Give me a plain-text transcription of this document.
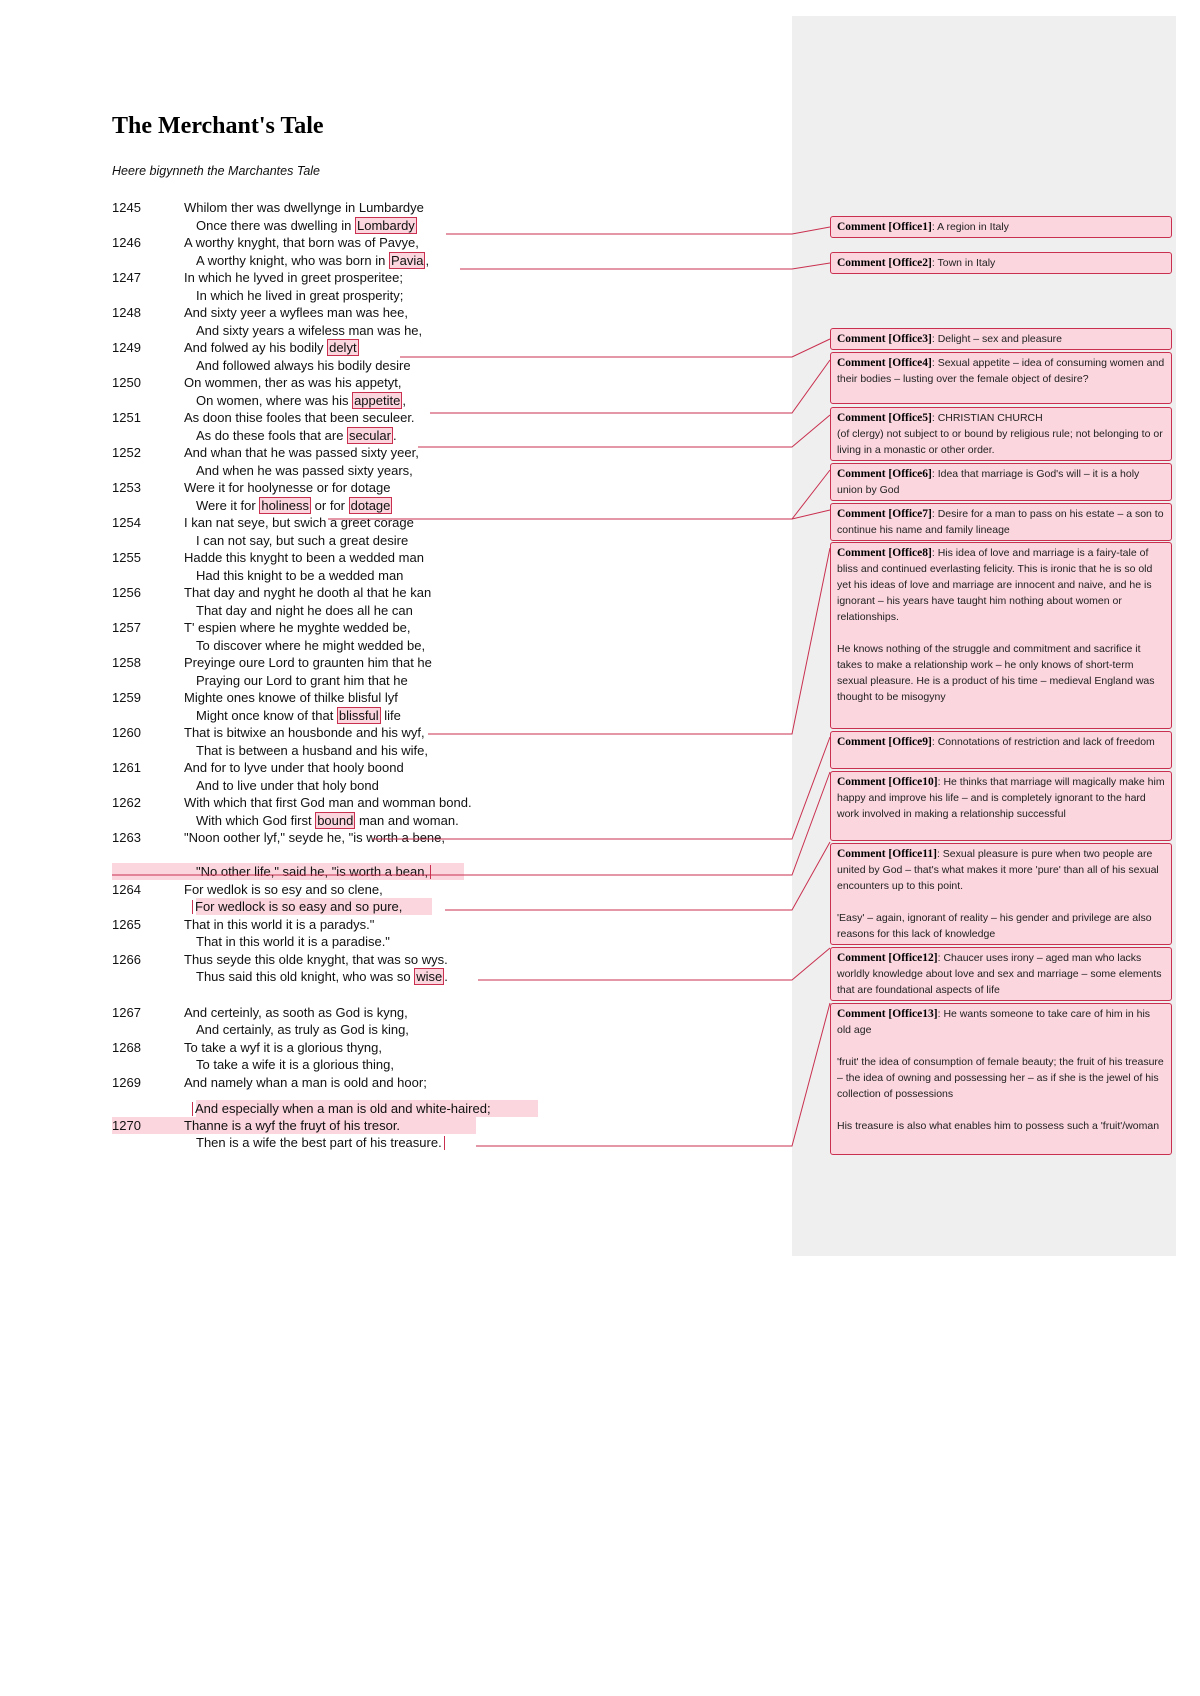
The Merchant's Tale
Heere bigynneth the Marchantes Tale
1245	Whilom ther was dwellynge in Lumbardye
Once there was dwelling in Lombardy
1246	A worthy knyght, that born was of Pavye,
A worthy knight, who was born in Pavia ,
1247	In which he lyved in greet prosperitee;
In which he lived in great prosperity;
1248	And sixty yeer a wyflees man was hee,
And sixty years a wifeless man was he,
1249	And folwed ay his bodily delyt
And followed always his bodily desire
1250	On wommen, ther as was his appetyt,
On women, where was his appetite ,
1251	As doon thise fooles that been seculeer.
As do these fools that are secular .
1252	And whan that he was passed sixty yeer,
And when he was passed sixty years,
1253	Were it for hoolynesse or for dotage
Were it for holiness or for dotage
1254	I kan nat seye, but swich a greet corage
I can not say, but such a great desire
1255	Hadde this knyght to been a wedded man
Had this knight to be a wedded man
1256	That day and nyght he dooth al that he kan
That day and night he does all he can
1257	T' espien where he myghte wedded be,
To discover where he might wedded be,
1258	Preyinge oure Lord to graunten him that he
Praying our Lord to grant him that he
1259	Mighte ones knowe of thilke blisful lyf
Might once know of that blissful life
1260	That is bitwixe an housbonde and his wyf,
That is between a husband and his wife,
1261	And for to lyve under that hooly boond
And to live under that holy bond
1262	With which that first God man and womman bond.
With which God first bound man and woman.
1263	"Noon oother lyf," seyde he, "is worth a bene,
"No other life," said he, "is worth a bean,
1264	For wedlok is so esy and so clene,
For wedlock is so easy and so pure,
1265	That in this world it is a paradys."
That in this world it is a paradise."
1266	Thus seyde this olde knyght, that was so wys.
Thus said this old knight, who was so wise .
1267	And certeinly, as sooth as God is kyng,
And certainly, as truly as God is king,
1268	To take a wyf it is a glorious thyng,
To take a wife it is a glorious thing,
1269	And namely whan a man is oold and hoor;
And especially when a man is old and white-haired;
1270	Thanne is a wyf the fruyt of his tresor.
Then is a wife the best part of his treasure.

Comment [Office1]: A region in Italy

Comment [Office2]: Town in Italy

Comment [Office3]: Delight – sex and pleasure

Comment [Office4]: Sexual appetite – idea of consuming women and their bodies – lusting over the female object of desire?

Comment [Office5]: CHRISTIAN CHURCH

(of clergy) not subject to or bound by religious rule; not belonging to or living in a monastic or other order.

Comment [Office6]: Idea that marriage is God's will – it is a holy union by God

Comment [Office7]: Desire for a man to pass on his estate – a son to continue his name and family lineage

Comment [Office8]: His idea of love and marriage is a fairy-tale of bliss and continued everlasting felicity. This is ironic that he is so old yet his ideas of love and marriage are innocent and naive, and he is ignorant – his years have taught him nothing about women or relationships.

He knows nothing of the struggle and commitment and sacrifice it takes to make a relationship work – he only knows of short-term sexual pleasure. He is a product of his time – medieval England was thought to be misogyny

Comment [Office9]: Connotations of restriction and lack of freedom

Comment [Office10]: He thinks that marriage will magically make him happy and improve his life – and is completely ignorant to the hard work involved in making a relationship successful

Comment [Office11]: Sexual pleasure is pure when two people are united by God – that's what makes it more 'pure' than all of his sexual encounters up to this point.

'Easy' – again, ignorant of reality – his gender and privilege are also reasons for this lack of knowledge

Comment [Office12]: Chaucer uses irony – aged man who lacks worldly knowledge about love and sex and marriage – some elements that are foundational aspects of life

Comment [Office13]: He wants someone to take care of him in his old age

'fruit' the idea of consumption of female beauty; the fruit of his treasure – the idea of owning and possessing her – as if she is the jewel of his collection of possessions

His treasure is also what enables him to possess such a 'fruit'/woman
